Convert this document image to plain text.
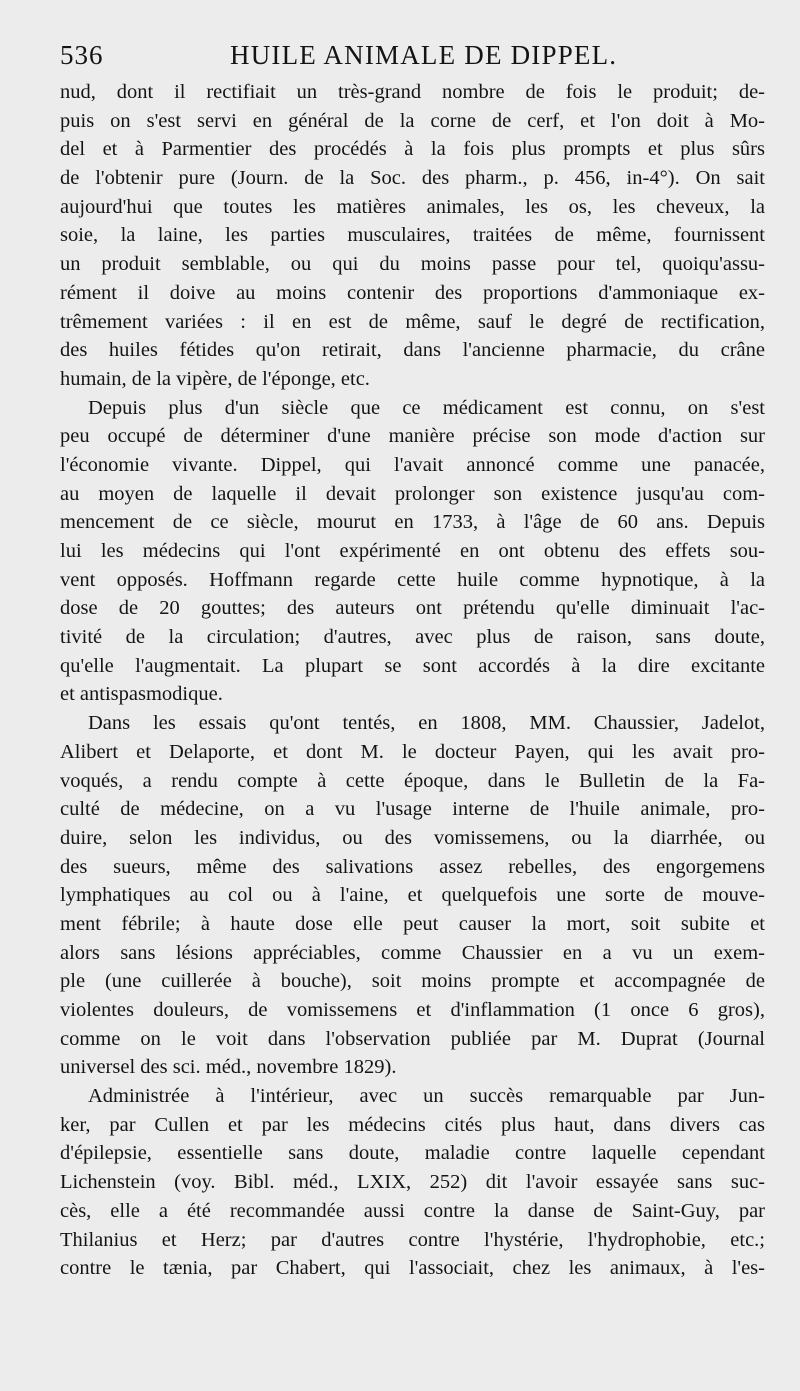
536	HUILE ANIMALE DE DIPPEL.
nud, dont il rectifiait un très-grand nombre de fois le produit; de-
puis on s'est servi en général de la corne de cerf, et l'on doit à Mo-
del et à Parmentier des procédés à la fois plus prompts et plus sûrs
de l'obtenir pure (Journ. de la Soc. des pharm., p. 456, in-4°). On sait
aujourd'hui que toutes les matières animales, les os, les cheveux, la
soie, la laine, les parties musculaires, traitées de même, fournissent
un produit semblable, ou qui du moins passe pour tel, quoiqu'assu-
rément il doive au moins contenir des proportions d'ammoniaque ex-
trêmement variées : il en est de même, sauf le degré de rectification,
des huiles fétides qu'on retirait, dans l'ancienne pharmacie, du crâne
humain, de la vipère, de l'éponge, etc.
Depuis plus d'un siècle que ce médicament est connu, on s'est
peu occupé de déterminer d'une manière précise son mode d'action sur
l'économie vivante. Dippel, qui l'avait annoncé comme une panacée,
au moyen de laquelle il devait prolonger son existence jusqu'au com-
mencement de ce siècle, mourut en 1733, à l'âge de 60 ans. Depuis
lui les médecins qui l'ont expérimenté en ont obtenu des effets sou-
vent opposés. Hoffmann regarde cette huile comme hypnotique, à la
dose de 20 gouttes; des auteurs ont prétendu qu'elle diminuait l'ac-
tivité de la circulation; d'autres, avec plus de raison, sans doute,
qu'elle l'augmentait. La plupart se sont accordés à la dire excitante
et antispasmodique.
Dans les essais qu'ont tentés, en 1808, MM. Chaussier, Jadelot,
Alibert et Delaporte, et dont M. le docteur Payen, qui les avait pro-
voqués, a rendu compte à cette époque, dans le Bulletin de la Fa-
culté de médecine, on a vu l'usage interne de l'huile animale, pro-
duire, selon les individus, ou des vomissemens, ou la diarrhée, ou
des sueurs, même des salivations assez rebelles, des engorgemens
lymphatiques au col ou à l'aine, et quelquefois une sorte de mouve-
ment fébrile; à haute dose elle peut causer la mort, soit subite et
alors sans lésions appréciables, comme Chaussier en a vu un exem-
ple (une cuillerée à bouche), soit moins prompte et accompagnée de
violentes douleurs, de vomissemens et d'inflammation (1 once 6 gros),
comme on le voit dans l'observation publiée par M. Duprat (Journal
universel des sci. méd., novembre 1829).
Administrée à l'intérieur, avec un succès remarquable par Jun-
ker, par Cullen et par les médecins cités plus haut, dans divers cas
d'épilepsie, essentielle sans doute, maladie contre laquelle cependant
Lichenstein (voy. Bibl. méd., LXIX, 252) dit l'avoir essayée sans suc-
cès, elle a été recommandée aussi contre la danse de Saint-Guy, par
Thilanius et Herz; par d'autres contre l'hystérie, l'hydrophobie, etc.;
contre le tænia, par Chabert, qui l'associait, chez les animaux, à l'es-
